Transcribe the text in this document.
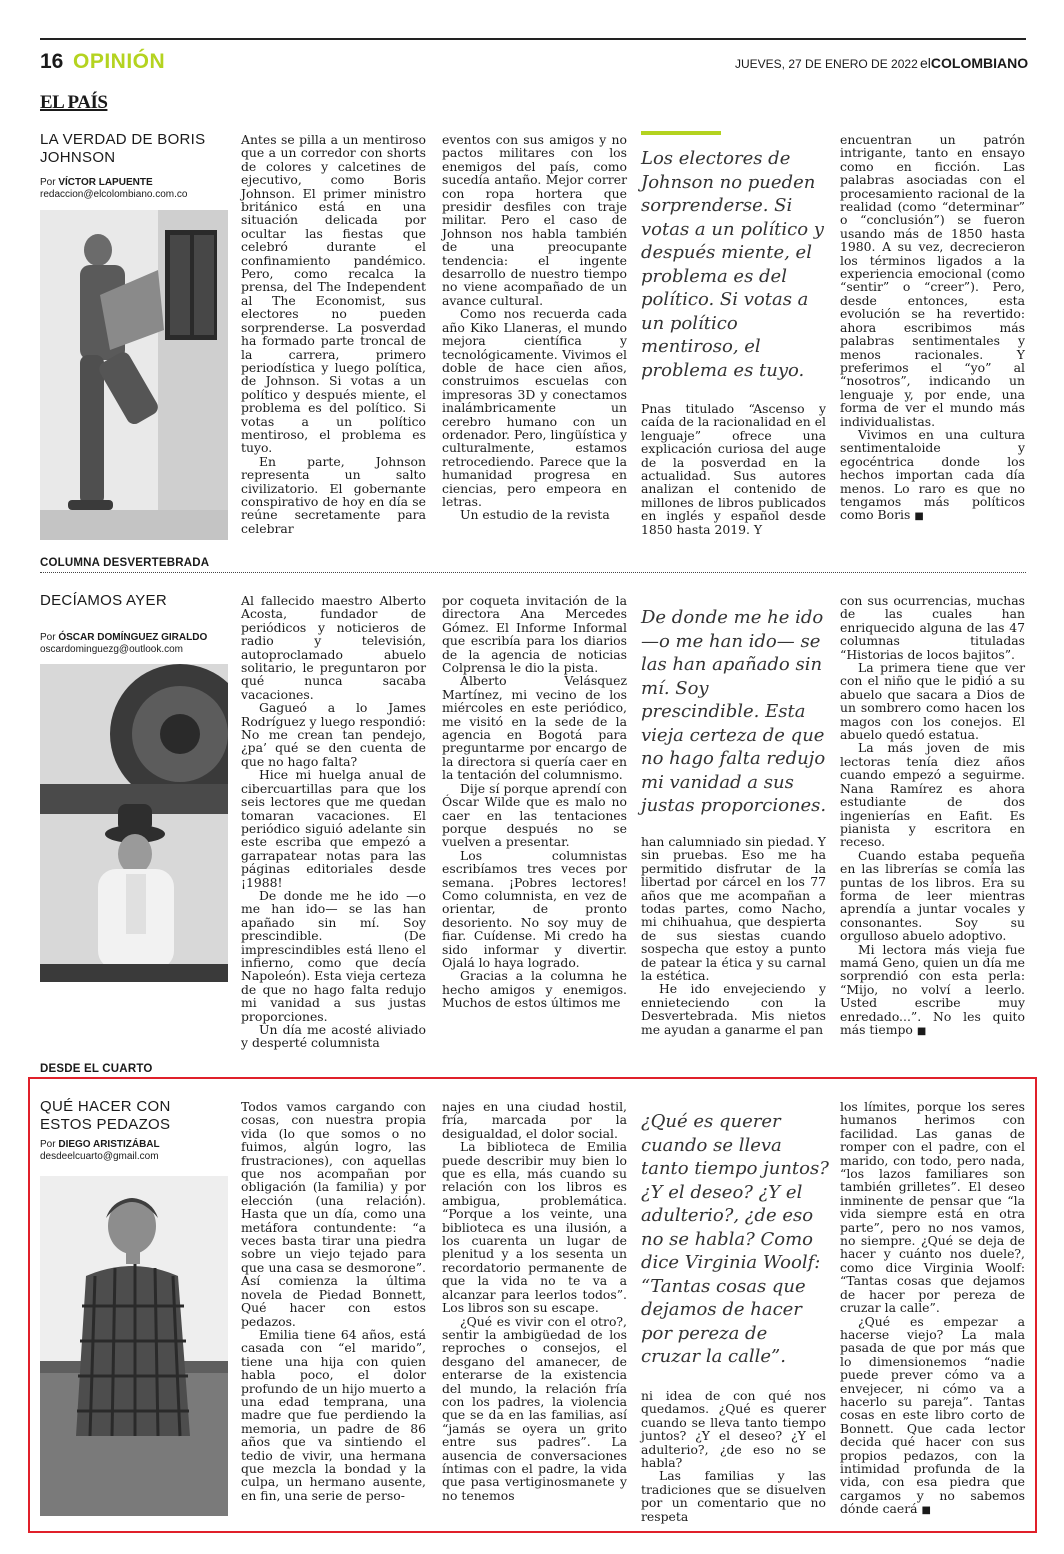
16 OPINIÓN	JUEVES, 27 DE ENERO DE 2022 elCOLOMBIANO
EL PAÍS
LA VERDAD DE BORIS JOHNSON
Por VÍCTOR LAPUENTE
redaccion@elcolombiano.com.co

Antes se pilla a un mentiroso que a un corredor con shorts de colores y calcetines de ejecutivo, como Boris Johnson. El primer ministro británico está en una situación delicada por ocultar las fiestas que celebró durante el confinamiento pandémico. Pero, como recalca la prensa, del The Independent al The Economist, sus electores no pueden sorprenderse. La posverdad ha formado parte troncal de la carrera, primero periodística y luego política, de Johnson. Si votas a un político y después miente, el problema es del político. Si votas a un político mentiroso, el problema es tuyo.

En parte, Johnson representa un salto civilizatorio. El gobernante conspirativo de hoy en día se reúne secretamente para celebrar

eventos con sus amigos y no pactos militares con los enemigos del país, como sucedía antaño. Mejor correr con ropa hortera que presidir desfiles con traje militar. Pero el caso de Johnson nos habla también de una preocupante tendencia: el ingente desarrollo de nuestro tiempo no viene acompañado de un avance cultural.

Como nos recuerda cada año Kiko Llaneras, el mundo mejora científica y tecnológicamente. Vivimos el doble de hace cien años, construimos escuelas con impresoras 3D y conectamos inalámbricamente un cerebro humano con un ordenador. Pero, lingüística y culturalmente, estamos retrocediendo. Parece que la humanidad progresa en ciencias, pero empeora en letras.

Un estudio de la revista

Los electores de Johnson no pueden sorprenderse. Si votas a un político y después miente, el problema es del político. Si votas a un político mentiroso, el problema es tuyo.

Pnas titulado “Ascenso y caída de la racionalidad en el lenguaje” ofrece una explicación curiosa del auge de la posverdad en la actualidad. Sus autores analizan el contenido de millones de libros publicados en inglés y español desde 1850 hasta 2019. Y

encuentran un patrón intrigante, tanto en ensayo como en ficción. Las palabras asociadas con el procesamiento racional de la realidad (como “determinar” o “conclusión”) se fueron usando más de 1850 hasta 1980. A su vez, decrecieron los términos ligados a la experiencia emocional (como “sentir” o “creer”). Pero, desde entonces, esta evolución se ha revertido: ahora escribimos más palabras sentimentales y menos racionales. Y preferimos el “yo” al “nosotros”, indicando un lenguaje y, por ende, una forma de ver el mundo más individualistas.

Vivimos en una cultura sentimentaloide y egocéntrica donde los hechos importan cada día menos. Lo raro es que no tengamos más políticos como Boris ■

COLUMNA DESVERTEBRADA
DECÍAMOS AYER
Por ÓSCAR DOMÍNGUEZ GIRALDO
oscardominguezg@outlook.com

Al fallecido maestro Alberto Acosta, fundador de periódicos y noticieros de radio y televisión, autoproclamado abuelo solitario, le preguntaron por qué nunca sacaba vacaciones.

Gagueó a lo James Rodríguez y luego respondió: No me crean tan pendejo, ¿pa’ qué se den cuenta de que no hago falta?

Hice mi huelga anual de cibercuartillas para que los seis lectores que me quedan tomaran vacaciones. El periódico siguió adelante sin este escriba que empezó a garrapatear notas para las páginas editoriales desde ¡1988!

De donde me he ido —o me han ido— se las han apañado sin mí. Soy prescindible. (De imprescindibles está lleno el infierno, como que decía Napoleón). Esta vieja certeza de que no hago falta redujo mi vanidad a sus justas proporciones.

Un día me acosté aliviado y desperté columnista

por coqueta invitación de la directora Ana Mercedes Gómez. El Informe Informal que escribía para los diarios de la agencia de noticias Colprensa le dio la pista.

Alberto Velásquez Martínez, mi vecino de los miércoles en este periódico, me visitó en la sede de la agencia en Bogotá para preguntarme por encargo de la directora si quería caer en la tentación del columnismo.

Dije sí porque aprendí con Óscar Wilde que es malo no caer en las tentaciones porque después no se vuelven a presentar.

Los columnistas escribíamos tres veces por semana. ¡Pobres lectores! Como columnista, en vez de orientar, de pronto desoriento. No soy muy de fiar. Cuídense. Mi credo ha sido informar y divertir. Ojalá lo haya logrado.

Gracias a la columna he hecho amigos y enemigos. Muchos de estos últimos me

De donde me he ido —o me han ido— se las han apañado sin mí. Soy prescindible. Esta vieja certeza de que no hago falta redujo mi vanidad a sus justas proporciones.

han calumniado sin piedad. Y sin pruebas. Eso me ha permitido disfrutar de la libertad por cárcel en los 77 años que me acompañan a todas partes, como Nacho, mi chihuahua, que despierta de sus siestas cuando sospecha que estoy a punto de patear la ética y su carnal la estética.

He ido envejeciendo y ennieteciendo con la Desvertebrada. Mis nietos me ayudan a ganarme el pan

con sus ocurrencias, muchas de las cuales han enriquecido alguna de las 47 columnas tituladas “Historias de locos bajitos”.

La primera tiene que ver con el niño que le pidió a su abuelo que sacara a Dios de un sombrero como hacen los magos con los conejos. El abuelo quedó estatua.

La más joven de mis lectoras tenía diez años cuando empezó a seguirme. Nana Ramírez es ahora estudiante de dos ingenierías en Eafit. Es pianista y escritora en receso.

Cuando estaba pequeña en las librerías se comía las puntas de los libros. Era su forma de leer mientras aprendía a juntar vocales y consonantes. Soy su orgulloso abuelo adoptivo.

Mi lectora más vieja fue mamá Geno, quien un día me sorprendió con esta perla: “Mijo, no volví a leerlo. Usted escribe muy enredado...”. No les quito más tiempo ■

DESDE EL CUARTO
QUÉ HACER CON ESTOS PEDAZOS
Por DIEGO ARISTIZÁBAL
desdeelcuarto@gmail.com

Todos vamos cargando con cosas, con nuestra propia vida (lo que somos o no fuimos, algún logro, las frustraciones), con aquellas que nos acompañan por obligación (la familia) y por elección (una relación). Hasta que un día, como una metáfora contundente: “a veces basta tirar una piedra sobre un viejo tejado para que una casa se desmorone”. Así comienza la última novela de Piedad Bonnett, Qué hacer con estos pedazos.

Emilia tiene 64 años, está casada con “el marido”, tiene una hija con quien habla poco, el dolor profundo de un hijo muerto a una edad temprana, una madre que fue perdiendo la memoria, un padre de 86 años que va sintiendo el tedio de vivir, una hermana que mezcla la bondad y la culpa, un hermano ausente, en fin, una serie de perso-

najes en una ciudad hostil, fría, marcada por la desigualdad, el dolor social.

La biblioteca de Emilia puede describir muy bien lo que es ella, más cuando su relación con los libros es ambigua, problemática. “Porque a los veinte, una biblioteca es una ilusión, a los cuarenta un lugar de plenitud y a los sesenta un recordatorio permanente de que la vida no te va a alcanzar para leerlos todos”. Los libros son su escape.

¿Qué es vivir con el otro?, sentir la ambigüedad de los reproches o consejos, el desgano del amanecer, de enterarse de la existencia del mundo, la relación fría con los padres, la violencia que se da en las familias, así “jamás se oyera un grito entre sus padres”. La ausencia de conversaciones íntimas con el padre, la vida que pasa vertiginosmanete y no tenemos

¿Qué es querer cuando se lleva tanto tiempo juntos? ¿Y el deseo? ¿Y el adulterio?, ¿de eso no se habla? Como dice Virginia Woolf: “Tantas cosas que dejamos de hacer por pereza de cruzar la calle”.

ni idea de con qué nos quedamos. ¿Qué es querer cuando se lleva tanto tiempo juntos? ¿Y el deseo? ¿Y el adulterio?, ¿de eso no se habla?

Las familias y las tradiciones que se disuelven por un comentario que no respeta

los límites, porque los seres humanos herimos con facilidad. Las ganas de romper con el padre, con el marido, con todo, pero nada, “los lazos familiares son también grilletes”. El deseo inminente de pensar que “la vida siempre está en otra parte”, pero no nos vamos, no siempre. ¿Qué se deja de hacer y cuánto nos duele?, como dice Virginia Woolf: “Tantas cosas que dejamos de hacer por pereza de cruzar la calle”.

¿Qué es empezar a hacerse viejo? La mala pasada de que por más que lo dimensionemos “nadie puede prever cómo va a envejecer, ni cómo va a hacerlo su pareja”. Tantas cosas en este libro corto de Bonnett. Que cada lector decida qué hacer con sus propios pedazos, con la intimidad profunda de la vida, con esa piedra que cargamos y no sabemos dónde caerá ■
